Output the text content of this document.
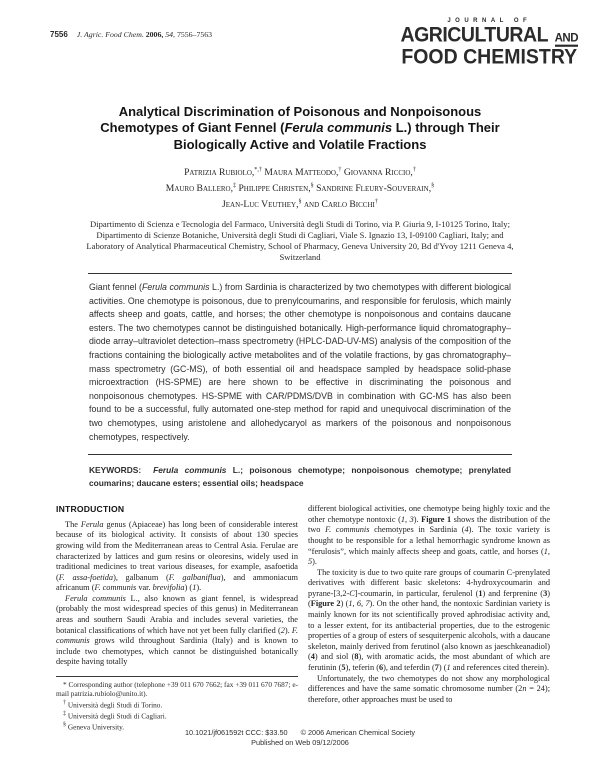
7556 J. Agric. Food Chem. 2006, 54, 7556–7563
JOURNAL OF
AGRICULTURAL AND
FOOD CHEMISTRY
Analytical Discrimination of Poisonous and Nonpoisonous Chemotypes of Giant Fennel (Ferula communis L.) through Their Biologically Active and Volatile Fractions
Patrizia Rubiolo,*,† Maura Matteodo,† Giovanna Riccio,†
Mauro Ballero,‡ Philippe Christen,§ Sandrine Fleury-Souverain,§
Jean-Luc Veuthey,§ and Carlo Bicchi†
Dipartimento di Scienza e Tecnologia del Farmaco, Università degli Studi di Torino, via P. Giuria 9, I-10125 Torino, Italy; Dipartimento di Scienze Botaniche, Università degli Studi di Cagliari, Viale S. Ignazio 13, I-09100 Cagliari, Italy; and Laboratory of Analytical Pharmaceutical Chemistry, School of Pharmacy, Geneva University 20, Bd d'Yvoy 1211 Geneva 4, Switzerland
Giant fennel (Ferula communis L.) from Sardinia is characterized by two chemotypes with different biological activities. One chemotype is poisonous, due to prenylcoumarins, and responsible for ferulosis, which mainly affects sheep and goats, cattle, and horses; the other chemotype is nonpoisonous and contains daucane esters. The two chemotypes cannot be distinguished botanically. High-performance liquid chromatography–diode array–ultraviolet detection–mass spectrometry (HPLC-DAD-UV-MS) analysis of the composition of the fractions containing the biologically active metabolites and of the volatile fractions, by gas chromatography–mass spectrometry (GC-MS), of both essential oil and headspace sampled by headspace solid-phase microextraction (HS-SPME) are here shown to be effective in discriminating the poisonous and nonpoisonous chemotypes. HS-SPME with CAR/PDMS/DVB in combination with GC-MS has also been found to be a successful, fully automated one-step method for rapid and unequivocal discrimination of the two chemotypes, using aristolene and allohedycaryol as markers of the poisonous and nonpoisonous chemotypes, respectively.
KEYWORDS: Ferula communis L.; poisonous chemotype; nonpoisonous chemotype; prenylated coumarins; daucane esters; essential oils; headspace
INTRODUCTION

The Ferula genus (Apiaceae) has long been of considerable interest because of its biological activity. It consists of about 130 species growing wild from the Mediterranean areas to Central Asia. Ferulae are characterized by lattices and gum resins or oleoresins, widely used in traditional medicines to treat various diseases, for example, asafoetida (F. assa-foetida), galbanum (F. galbaniflua), and ammoniacum africanum (F. communis var. brevifolia) (1).

Ferula communis L., also known as giant fennel, is widespread (probably the most widespread species of this genus) in Mediterranean areas and southern Saudi Arabia and includes several varieties, the botanical classifications of which have not yet been fully clarified (2). F. communis grows wild throughout Sardinia (Italy) and is known to include two chemotypes, which cannot be distinguished botanically despite having totally

* Corresponding author (telephone +39 011 670 7662; fax +39 011 670 7687; e-mail patrizia.rubiolo@unito.it).
† Università degli Studi di Torino.
‡ Università degli Studi di Cagliari.
§ Geneva University.

different biological activities, one chemotype being highly toxic and the other chemotype nontoxic (1, 3). Figure 1 shows the distribution of the two F. communis chemotypes in Sardinia (4). The toxic variety is thought to be responsible for a lethal hemorrhagic syndrome known as “ferulosis”, which mainly affects sheep and goats, cattle, and horses (1, 5).

The toxicity is due to two quite rare groups of coumarin C-prenylated derivatives with different basic skeletons: 4-hydroxycoumarin and pyrane-[3,2-C]-coumarin, in particular, ferulenol (1) and ferprenine (3) (Figure 2) (1, 6, 7). On the other hand, the nontoxic Sardinian variety is mainly known for its not scientifically proved aphrodisiac activity and, to a lesser extent, for its antibacterial properties, due to the estrogenic properties of a group of esters of sesquiterpenic alcohols, with a daucane skeleton, mainly derived from ferutinol (also known as jaeschkeanadiol) (4) and siol (8), with aromatic acids, the most abundant of which are ferutinin (5), teferin (6), and teferdin (7) (1 and references cited therein).

Unfortunately, the two chemotypes do not show any morphological differences and have the same somatic chromosome number (2n = 24); therefore, other approaches must be used to

10.1021/jf061592t CCC: $33.50 © 2006 American Chemical Society
Published on Web 09/12/2006
